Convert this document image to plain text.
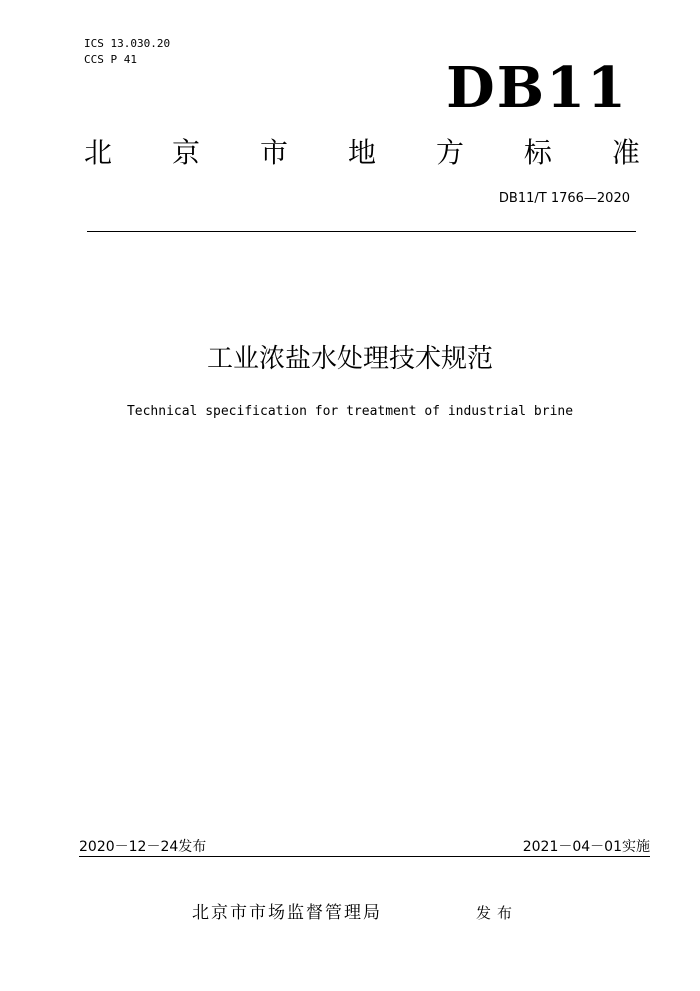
ICS 13.030.20
CCS P 41	DB11
北 京 市 地 方 标 准
DB11/T 1766—2020
工业浓盐水处理技术规范
Technical specification for treatment of industrial brine
2020－12－24发布	2021－04－01实施
北京市市场监督管理局	发布
